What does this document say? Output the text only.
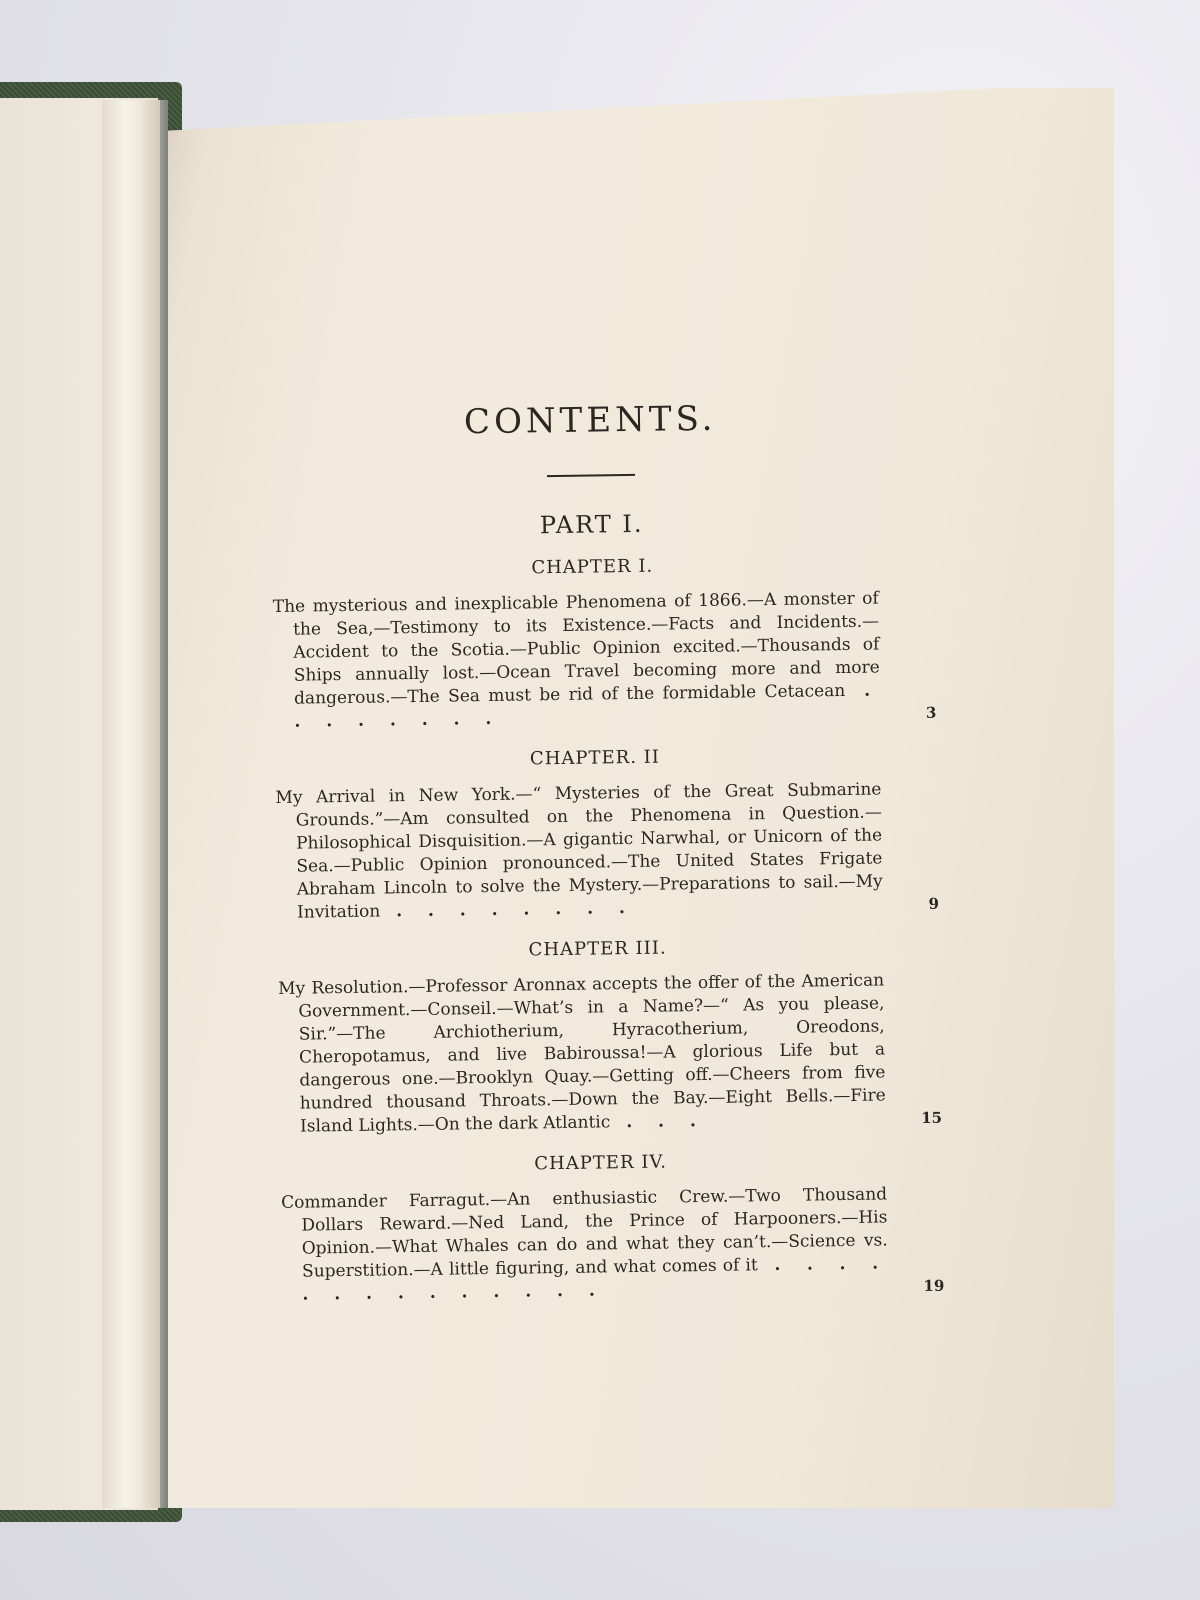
CONTENTS.
PART I.
CHAPTER I.
The mysterious and inexplicable Phenomena of 1866.—A monster of the Sea,—Testimony to its Existence.—Facts and Incidents.—Accident to the Scotia.—Public Opinion excited.—Thousands of Ships annually lost.—Ocean Travel becoming more and more dangerous.—The Sea must be rid of the formidable Cetacean . . . . . . . .	3
CHAPTER. II
My Arrival in New York.—“ Mysteries of the Great Submarine Grounds.”—Am consulted on the Phenomena in Question.—Philosophical Disquisition.—A gigantic Narwhal, or Unicorn of the Sea.—Public Opinion pronounced.—The United States Frigate Abraham Lincoln to solve the Mystery.—Preparations to sail.—My Invitation . . . . . . . .	9
CHAPTER III.
My Resolution.—Professor Aronnax accepts the offer of the American Government.—Conseil.—What’s in a Name?—“ As you please, Sir.”—The Archiotherium, Hyracotherium, Oreodons, Cheropotamus, and live Babiroussa!—A glorious Life but a dangerous one.—Brooklyn Quay.—Getting off.—Cheers from five hundred thousand Throats.—Down the Bay.—Eight Bells.—Fire Island Lights.—On the dark Atlantic . . .	15
CHAPTER IV.
Commander Farragut.—An enthusiastic Crew.—Two Thousand Dollars Reward.—Ned Land, the Prince of Harpooners.—His Opinion.—What Whales can do and what they can’t.—Science vs. Superstition.—A little figuring, and what comes of it . . . . . . . . . . . . . .	19
